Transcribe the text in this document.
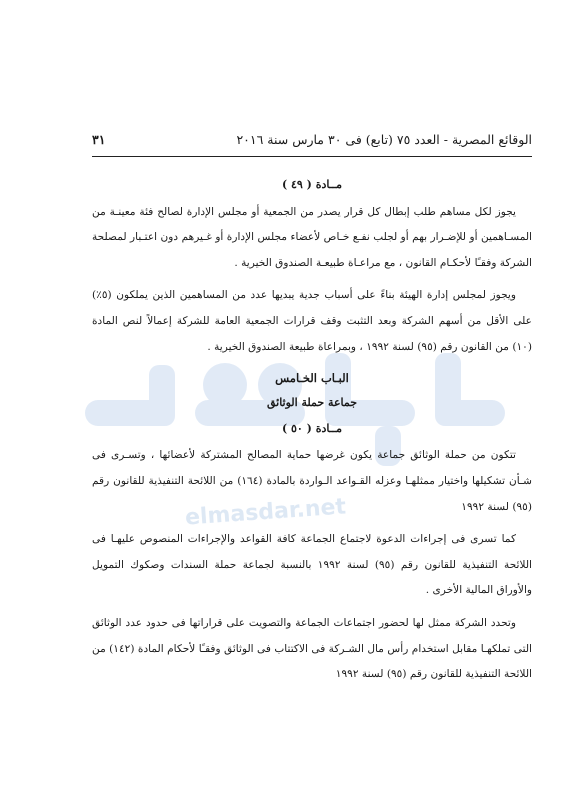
elmasdar.net
الوقائع المصرية - العدد ٧٥ (تابع) فى ٣٠ مارس سنة ٢٠١٦
٣١
مــادة ( ٤٩ )

يجوز لكل مساهم طلب إبطال كل قرار يصدر من الجمعية أو مجلس الإدارة لصالح فئة معينـة من المسـاهمين أو للإضـرار بهم أو لجلب نفـع خـاص لأعضاء مجلس الإدارة أو غـيرهم دون اعتـبار لمصلحة الشركة وفقـًا لأحكـام القانون ، مع مراعـاة طبيعـة الصندوق الخيرية .

ويجوز لمجلس إدارة الهيئة بناءً على أسباب جدية يبديها عدد من المساهمين الذين يملكون (٥٪) على الأقل من أسهم الشركة وبعد التثبت وقف قرارات الجمعية العامة للشركة إعمالاً لنص المادة (١٠) من القانون رقم (٩٥) لسنة ١٩٩٢ ، وبمراعاة طبيعة الصندوق الخيرية .

البـاب الخـامس
جماعة حملة الوثائق
مــادة ( ٥٠ )

تتكون من حملة الوثائق جماعة يكون غرضها حماية المصالح المشتركة لأعضائها ، وتسـرى فى شـأن تشكيلها واختيار ممثلهـا وعزله القـواعد الـواردة بالمادة (١٦٤) من اللائحة التنفيذية للقانون رقم (٩٥) لسنة ١٩٩٢

كما تسرى فى إجراءات الدعوة لاجتماع الجماعة كافة القواعد والإجراءات المنصوص عليهـا فى اللائحة التنفيذية للقانون رقم (٩٥) لسنة ١٩٩٢ بالنسبة لجماعة حملة السندات وصكوك التمويل والأوراق المالية الأخرى .

وتحدد الشركة ممثل لها لحضور اجتماعات الجماعة والتصويت على قراراتها فى حدود عدد الوثائق التى تملكهـا مقابل استخدام رأس مال الشـركة فى الاكتتاب فى الوثائق وفقـًا لأحكام المادة (١٤٢) من اللائحة التنفيذية للقانون رقم (٩٥) لسنة ١٩٩٢
